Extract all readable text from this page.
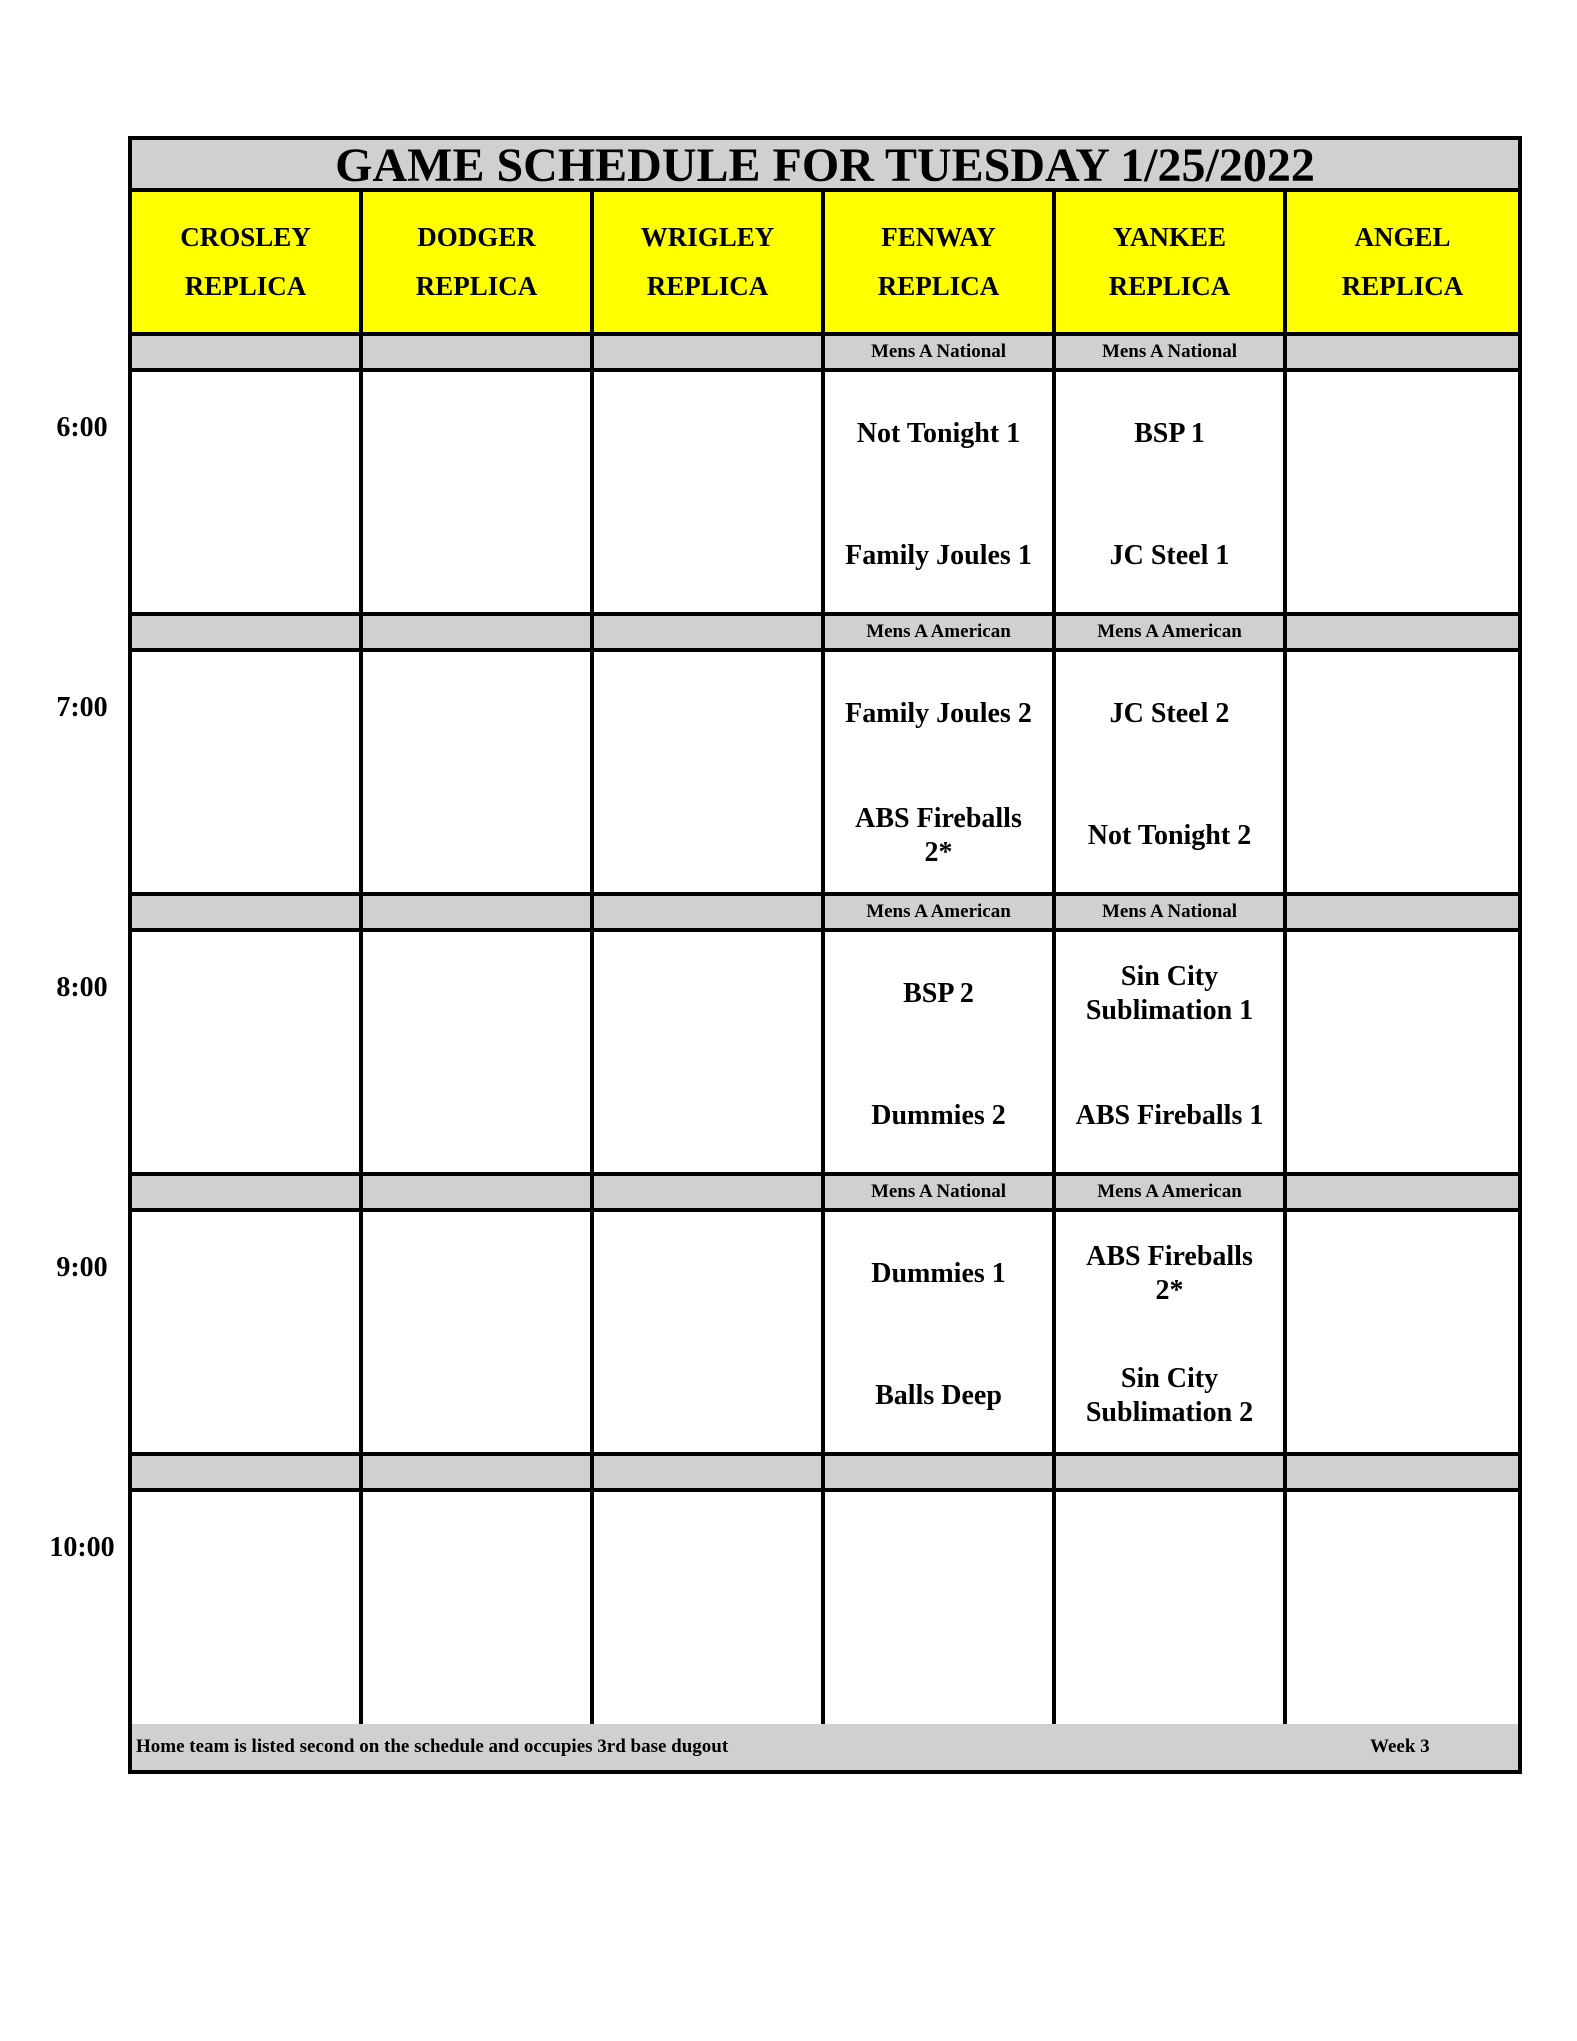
6:00
7:00
8:00
9:00
10:00
GAME SCHEDULE FOR TUESDAY 1/25/2022
CROSLEY
REPLICA
DODGER
REPLICA
WRIGLEY
REPLICA
FENWAY
REPLICA
YANKEE
REPLICA
ANGEL
REPLICA
Mens A National
Not Tonight 1
Family Joules 1
Mens A National
BSP 1
JC Steel 1
Mens A American
Family Joules 2
ABS Fireballs 2*
Mens A American
JC Steel 2
Not Tonight 2
Mens A American
BSP 2
Dummies 2
Mens A National
Sin City Sublimation 1
ABS Fireballs 1
Mens A National
Dummies 1
Balls Deep
Mens A American
ABS Fireballs 2*
Sin City Sublimation 2
Home team is listed second on the schedule and occupies 3rd base dugout	Week 3
